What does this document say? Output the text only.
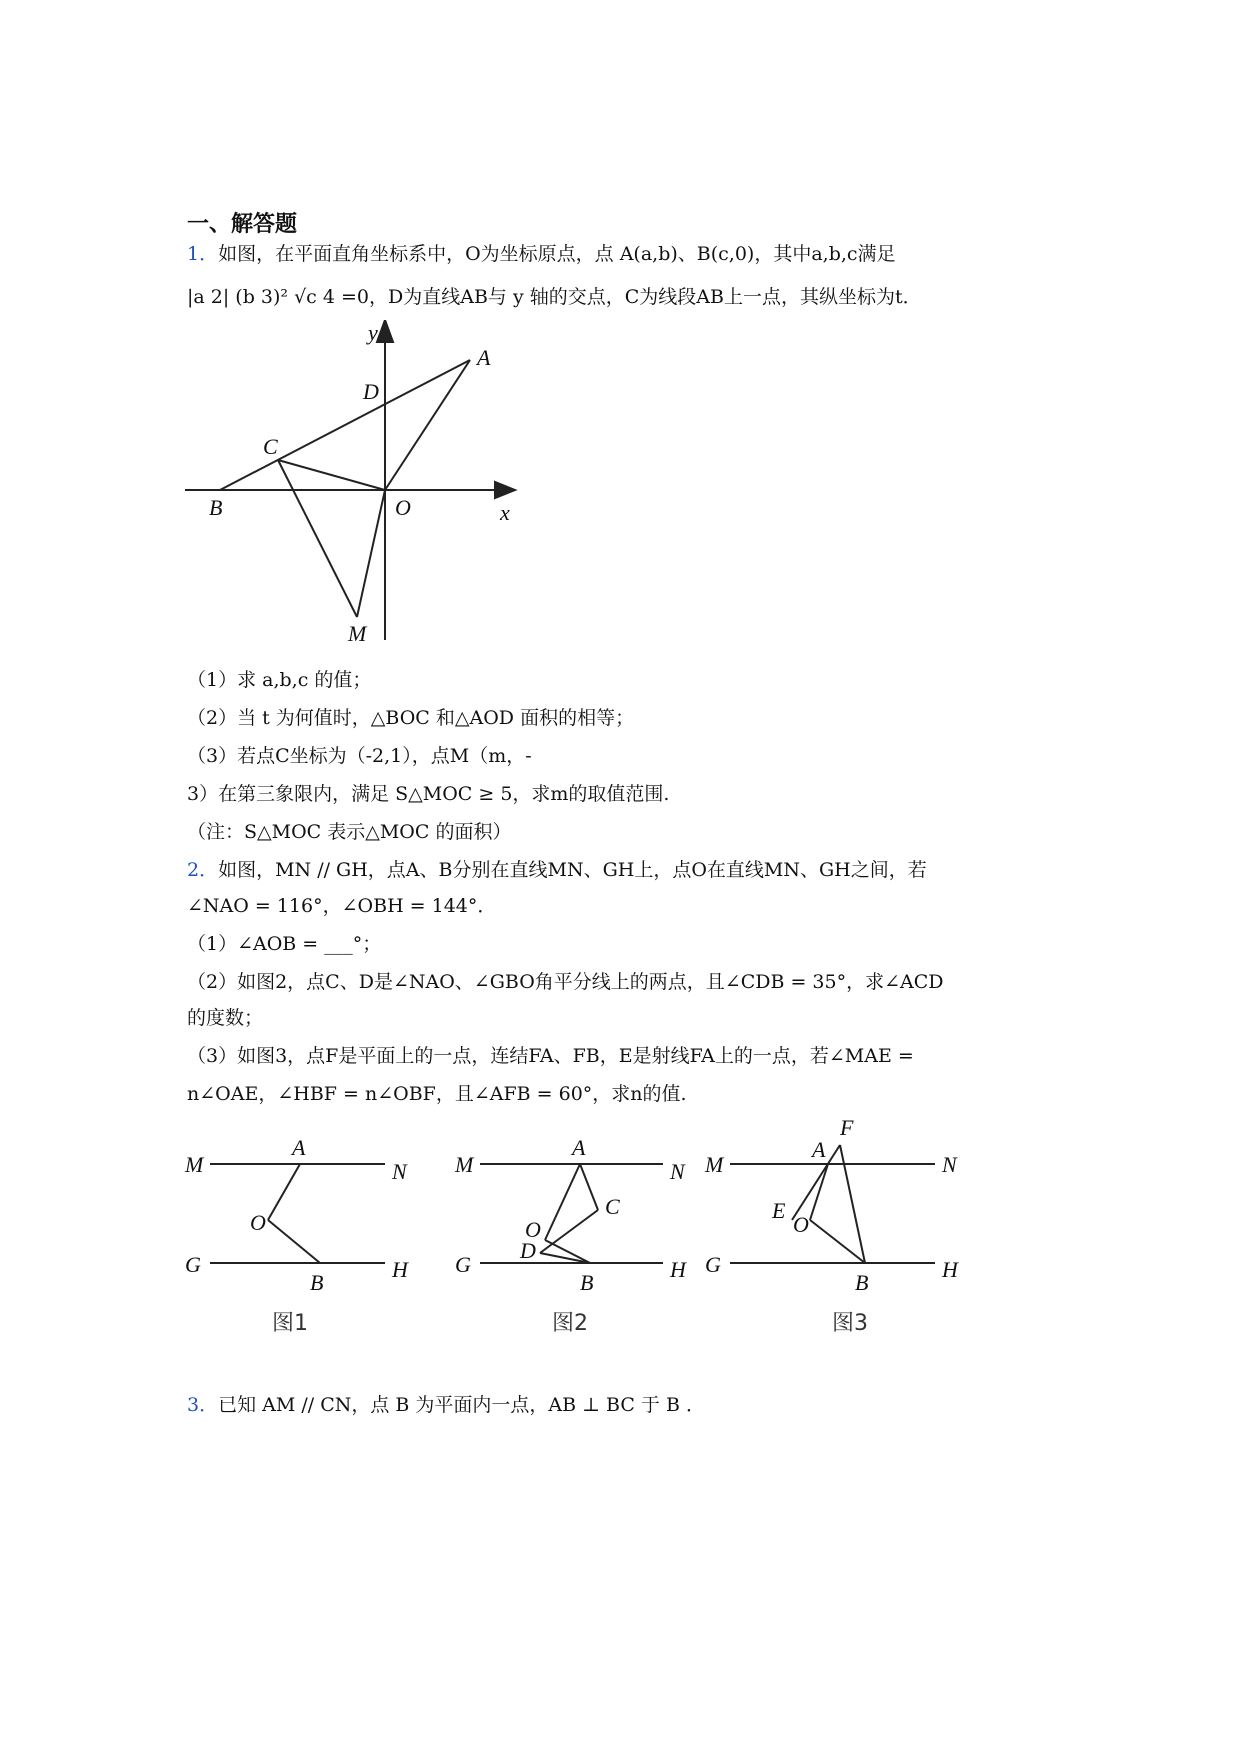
一、解答题
1．如图，在平面直角坐标系中，O为坐标原点，点 A(a,b)、B(c,0)，其中a,b,c满足
|a 2| (b 3)² √c 4 =0，D为直线AB与 y 轴的交点，C为线段AB上一点，其纵坐标为t．
y
x
A
D
C
B	O
M
（1）求 a,b,c 的值；
（2）当 t 为何值时，△BOC 和△AOD 面积的相等；
（3）若点C坐标为（-2,1），点M（m，-
3）在第三象限内，满足 S△MOC ≥ 5，求m的取值范围.
（注：S△MOC 表示△MOC 的面积）
2．如图，MN // GH，点A、B分别在直线MN、GH上，点O在直线MN、GH之间，若
∠NAO = 116°，∠OBH = 144°．
（1）∠AOB = ___°；
（2）如图2，点C、D是∠NAO、∠GBO角平分线上的两点，且∠CDB = 35°，求∠ACD
的度数；
（3）如图3，点F是平面上的一点，连结FA、FB，E是射线FA上的一点，若∠MAE =
n∠OAE，∠HBF = n∠OBF，且∠AFB = 60°，求n的值.
M
A
N
O
G	H
B
M
A
N
C
O
D
G	H
B
F
M
A
N
E
O
G	H
B
图1	图2	图3
3．已知 AM // CN，点 B 为平面内一点，AB ⊥ BC 于 B ．
